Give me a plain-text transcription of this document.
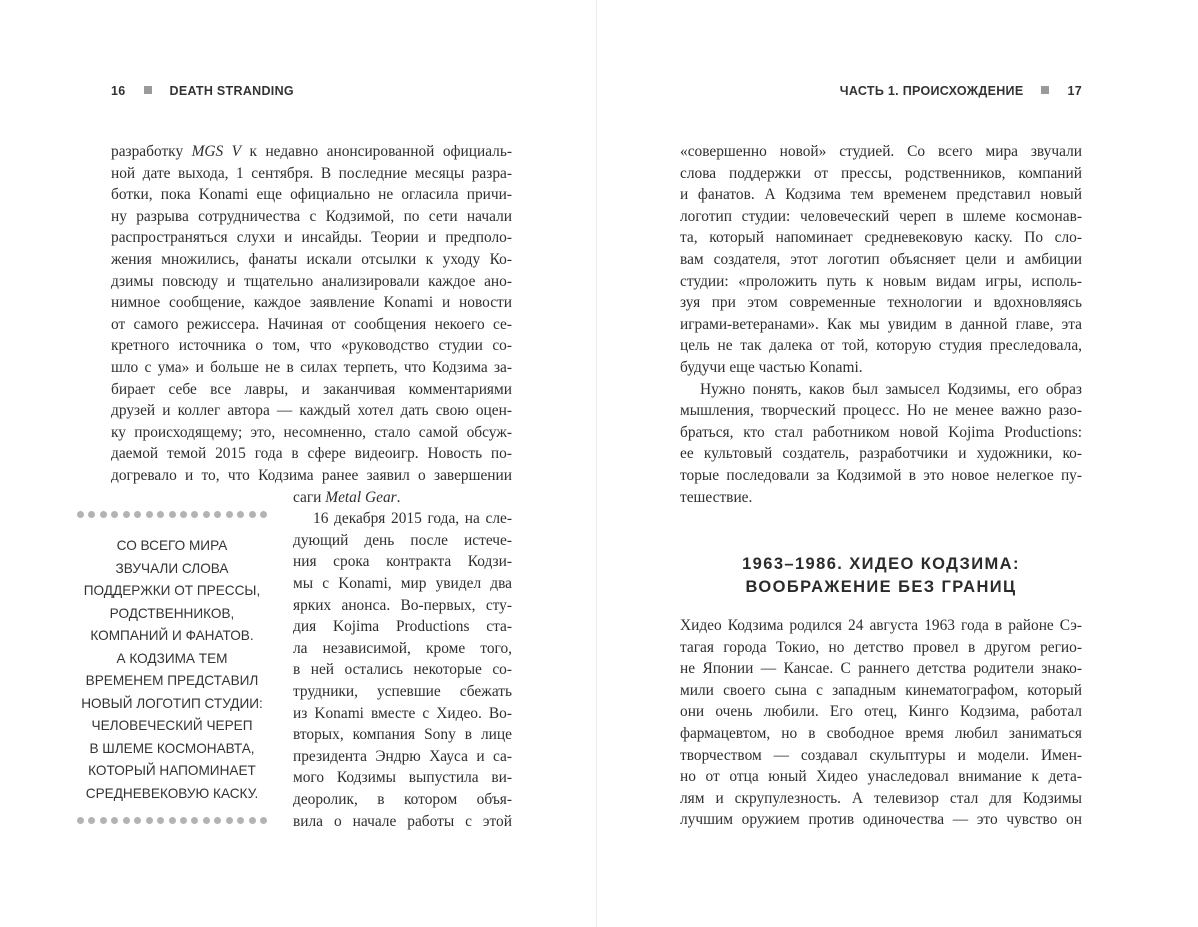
16	DEATH STRANDING
разработку MGS V к недавно анонсированной официаль-
ной дате выхода, 1 сентября. В последние месяцы разра-
ботки, пока Konami еще официально не огласила причи-
ну разрыва сотрудничества с Кодзимой, по сети начали
распространяться слухи и инсайды. Теории и предполо-
жения множились, фанаты искали отсылки к уходу Ко-
дзимы повсюду и тщательно анализировали каждое ано-
нимное сообщение, каждое заявление Konami и новости
от самого режиссера. Начиная от сообщения некоего се-
кретного источника о том, что «руководство студии со-
шло с ума» и больше не в силах терпеть, что Кодзима за-
бирает себе все лавры, и заканчивая комментариями
друзей и коллег автора — каждый хотел дать свою оцен-
ку происходящему; это, несомненно, стало самой обсуж-
даемой темой 2015 года в сфере видеоигр. Новость по-
догревало и то, что Кодзима ранее заявил о завершении
саги Metal Gear.
16 декабря 2015 года, на сле-
дующий день после истече-
ния срока контракта Кодзи-
мы с Konami, мир увидел два
ярких анонса. Во-первых, сту-
дия Kojima Productions ста-
ла независимой, кроме того,
в ней остались некоторые со-
трудники, успевшие сбежать
из Konami вместе с Хидео. Во-
вторых, компания Sony в лице
президента Эндрю Хауса и са-
мого Кодзимы выпустила ви-
деоролик, в котором объя-
вила о начале работы с этой
СО ВСЕГО МИРА
ЗВУЧАЛИ СЛОВА
ПОДДЕРЖКИ ОТ ПРЕССЫ,
РОДСТВЕННИКОВ,
КОМПАНИЙ И ФАНАТОВ.
А КОДЗИМА ТЕМ
ВРЕМЕНЕМ ПРЕДСТАВИЛ
НОВЫЙ ЛОГОТИП СТУДИИ:
ЧЕЛОВЕЧЕСКИЙ ЧЕРЕП
В ШЛЕМЕ КОСМОНАВТА,
КОТОРЫЙ НАПОМИНАЕТ
СРЕДНЕВЕКОВУЮ КАСКУ.
ЧАСТЬ 1. ПРОИСХОЖДЕНИЕ	17
«совершенно новой» студией. Со всего мира звучали
слова поддержки от прессы, родственников, компаний
и фанатов. А Кодзима тем временем представил новый
логотип студии: человеческий череп в шлеме космонав-
та, который напоминает средневековую каску. По сло-
вам создателя, этот логотип объясняет цели и амбиции
студии: «проложить путь к новым видам игры, исполь-
зуя при этом современные технологии и вдохновляясь
играми-ветеранами». Как мы увидим в данной главе, эта
цель не так далека от той, которую студия преследовала,
будучи еще частью Konami.
Нужно понять, каков был замысел Кодзимы, его образ
мышления, творческий процесс. Но не менее важно разо-
браться, кто стал работником новой Kojima Productions:
ее культовый создатель, разработчики и художники, ко-
торые последовали за Кодзимой в это новое нелегкое пу-
тешествие.
1963–1986. ХИДЕО КОДЗИМА:
ВООБРАЖЕНИЕ БЕЗ ГРАНИЦ
Хидео Кодзима родился 24 августа 1963 года в районе Сэ-
тагая города Токио, но детство провел в другом регио-
не Японии — Кансае. С раннего детства родители знако-
мили своего сына с западным кинематографом, который
они очень любили. Его отец, Кинго Кодзима, работал
фармацевтом, но в свободное время любил заниматься
творчеством — создавал скульптуры и модели. Имен-
но от отца юный Хидео унаследовал внимание к дета-
лям и скрупулезность. А телевизор стал для Кодзимы
лучшим оружием против одиночества — это чувство он
